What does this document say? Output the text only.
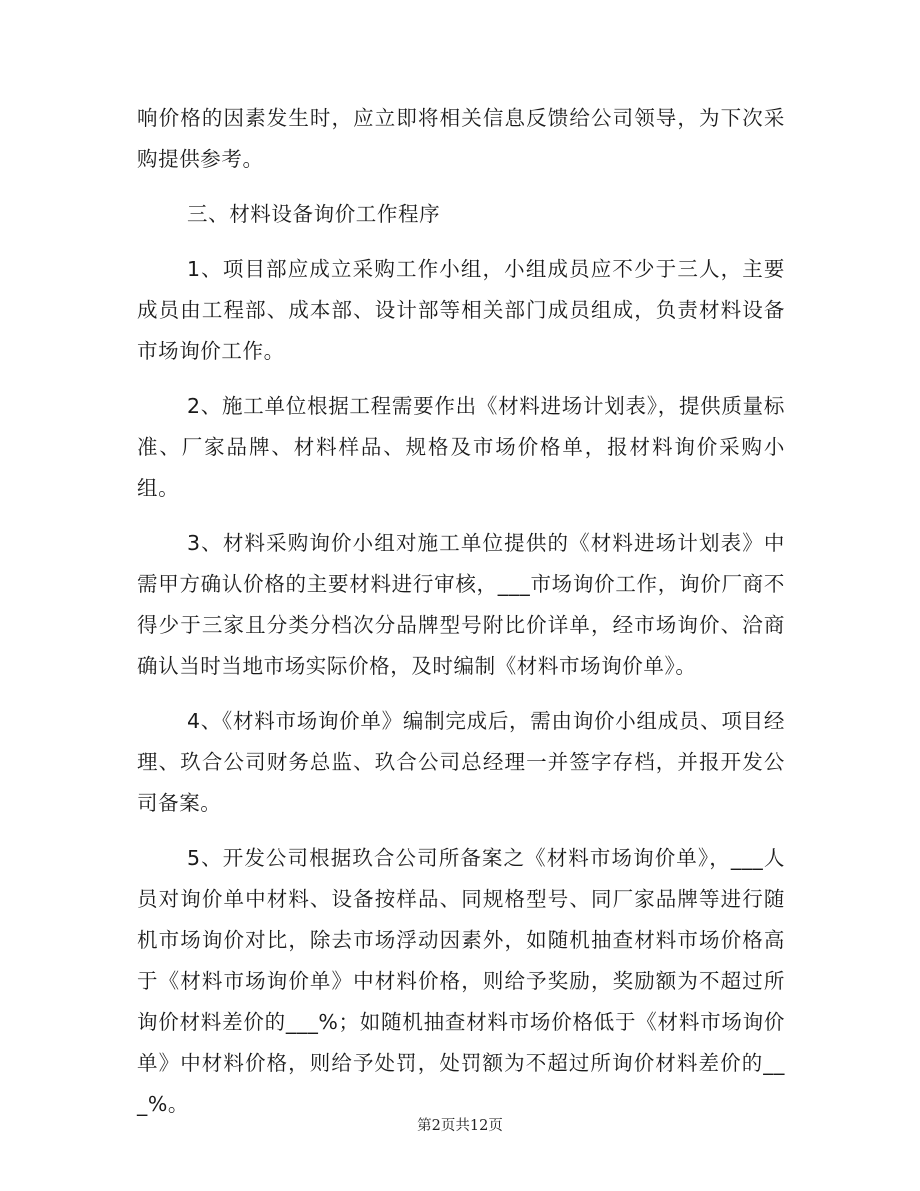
响价格的因素发生时，应立即将相关信息反馈给公司领导，为下次采购提供参考。

三、材料设备询价工作程序

1、项目部应成立采购工作小组，小组成员应不少于三人，主要成员由工程部、成本部、设计部等相关部门成员组成，负责材料设备市场询价工作。

2、施工单位根据工程需要作出《材料进场计划表》，提供质量标准、厂家品牌、材料样品、规格及市场价格单，报材料询价采购小组。

3、材料采购询价小组对施工单位提供的《材料进场计划表》中需甲方确认价格的主要材料进行审核，___市场询价工作，询价厂商不得少于三家且分类分档次分品牌型号附比价详单，经市场询价、洽商确认当时当地市场实际价格，及时编制《材料市场询价单》。

4、《材料市场询价单》编制完成后，需由询价小组成员、项目经理、玖合公司财务总监、玖合公司总经理一并签字存档，并报开发公司备案。

5、开发公司根据玖合公司所备案之《材料市场询价单》，___人员对询价单中材料、设备按样品、同规格型号、同厂家品牌等进行随机市场询价对比，除去市场浮动因素外，如随机抽查材料市场价格高于《材料市场询价单》中材料价格，则给予奖励，奖励额为不超过所询价材料差价的___%；如随机抽查材料市场价格低于《材料市场询价单》中材料价格，则给予处罚，处罚额为不超过所询价材料差价的___%。

第2页共12页
